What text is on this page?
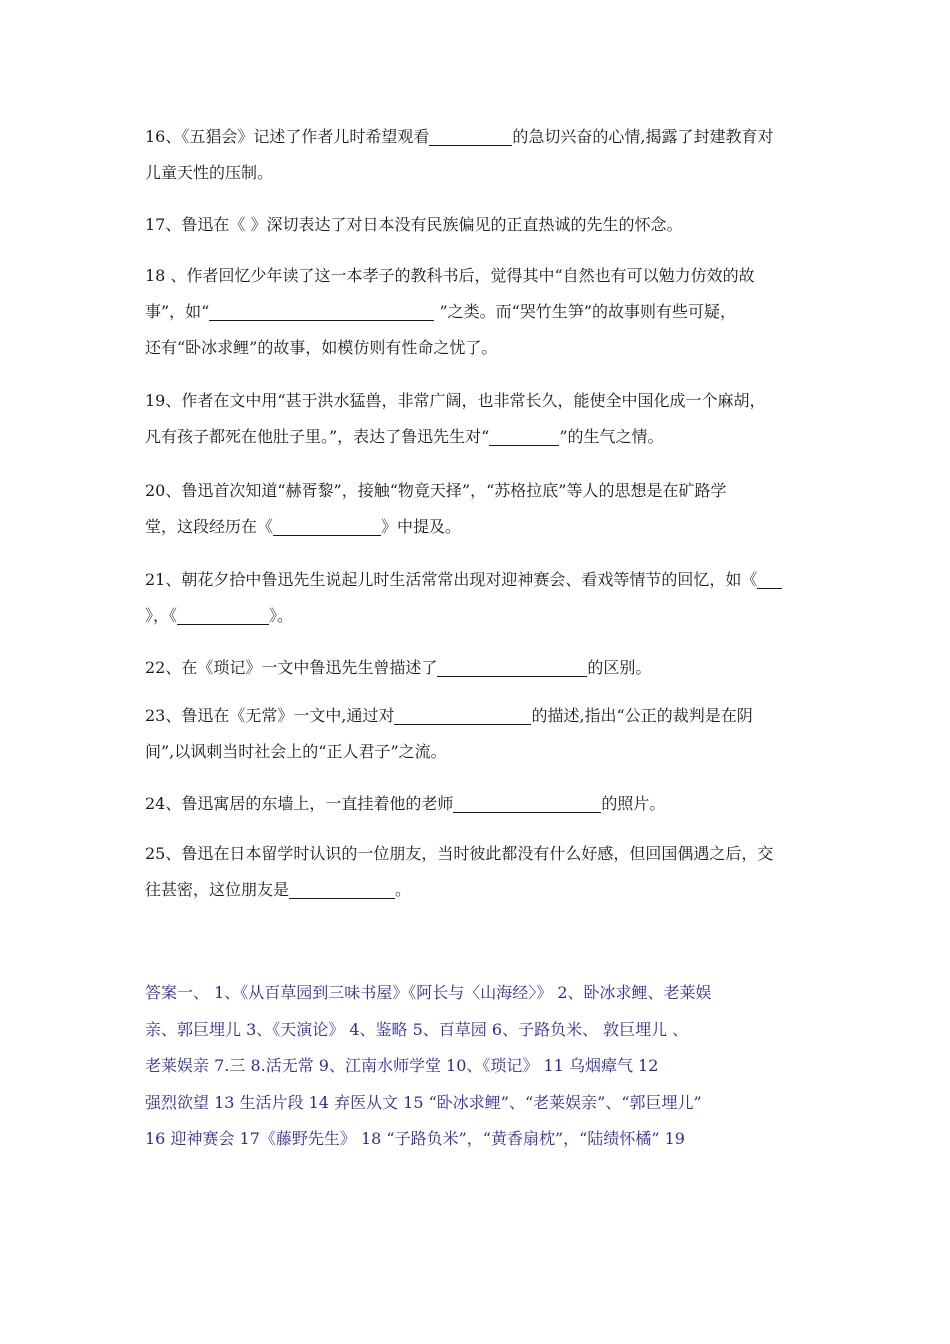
16、《五猖会》记述了作者儿时希望观看	的急切兴奋的心情,揭露了封建教育对
儿童天性的压制。
17、鲁迅在《 》深切表达了对日本没有民族偏见的正直热诚的先生的怀念。
18 、作者回忆少年读了这一本孝子的教科书后，觉得其中“自然也有可以勉力仿效的故
事”，如“	”之类。而“哭竹生笋”的故事则有些可疑，
还有“卧冰求鲤”的故事，如模仿则有性命之忧了。
19、作者在文中用“甚于洪水猛兽，非常广阔，也非常长久，能使全中国化成一个麻胡，
凡有孩子都死在他肚子里。”，表达了鲁迅先生对“	”的生气之情。
20、鲁迅首次知道“赫胥黎”，接触“物竟天择”，“苏格拉底”等人的思想是在矿路学
堂，这段经历在《	》中提及。
21、朝花夕拾中鲁迅先生说起儿时生活常常出现对迎神赛会、看戏等情节的回忆，如《
》，《	》。
22、在《琐记》一文中鲁迅先生曾描述了	的区别。
23、鲁迅在《无常》一文中,通过对	的描述,指出“公正的裁判是在阴
间”,以讽刺当时社会上的“正人君子”之流。
24、鲁迅寓居的东墙上，一直挂着他的老师	的照片。
25、鲁迅在日本留学时认识的一位朋友，当时彼此都没有什么好感，但回国偶遇之后，交
往甚密，这位朋友是	。
答案一、 1、《从百草园到三味书屋》《阿长与〈山海经〉》 2、卧冰求鲤、老莱娱
亲、郭巨埋儿 3、《天演论》 4、鉴略 5、百草园 6、子路负米、 敦巨埋儿 、
老莱娱亲 7.三 8.活无常 9、江南水师学堂 10、《琐记》 11 乌烟瘴气 12
强烈欲望 13 生活片段 14 弃医从文 15 “卧冰求鲤”、“老莱娱亲”、“郭巨埋儿”
16 迎神赛会 17《藤野先生》 18 “子路负米”，“黄香扇枕”，“陆绩怀橘” 19
